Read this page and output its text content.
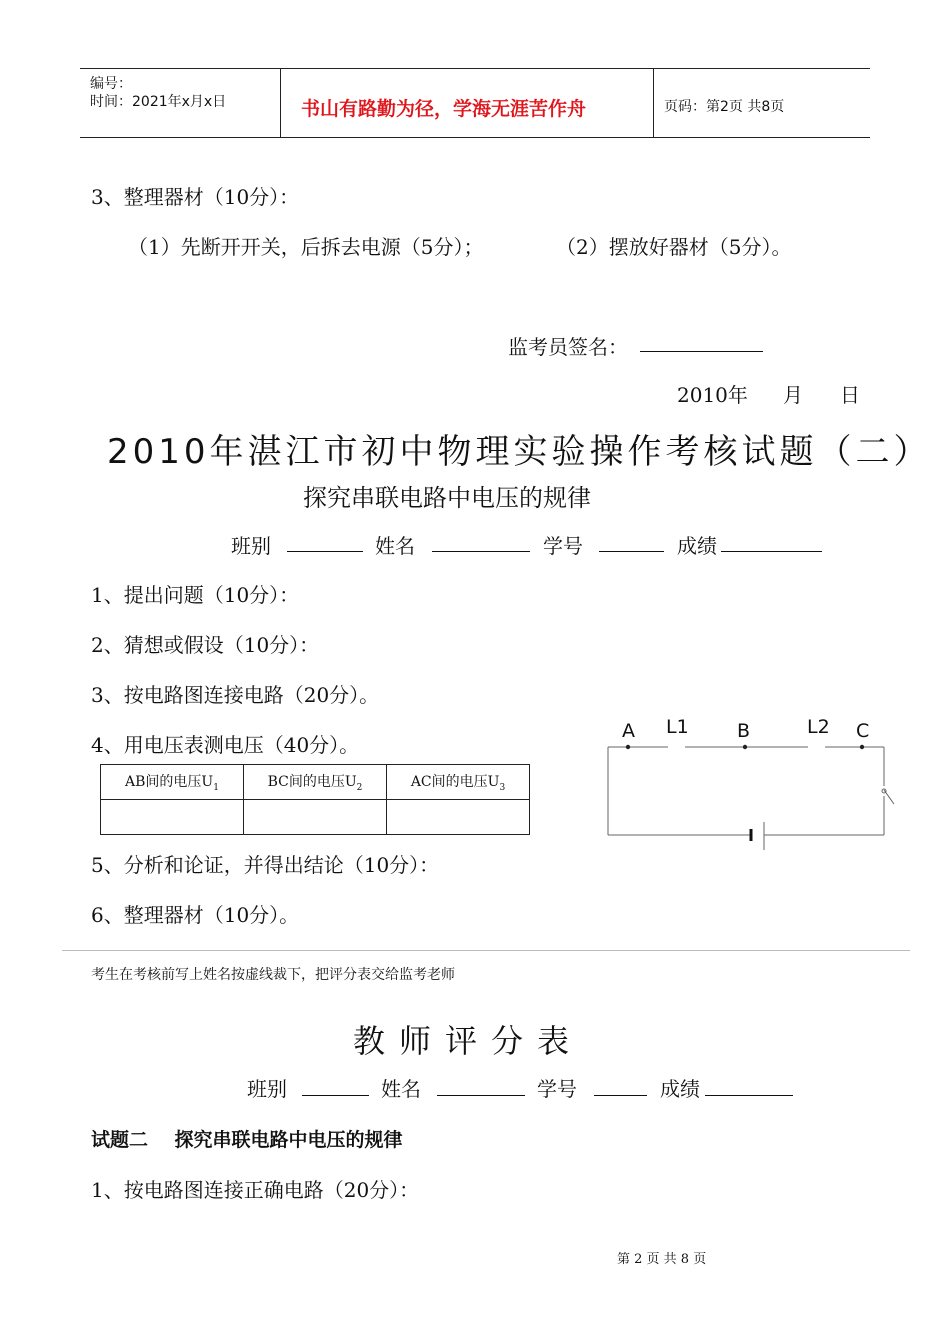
编号：
时间：2021年x月x日	书山有路勤为径，学海无涯苦作舟	页码：第2页 共8页
3、整理器材（10分）：
（1）先断开开关，后拆去电源（5分）；	（2）摆放好器材（5分）。
监考员签名：
2010年 月 日
2010年湛江市初中物理实验操作考核试题（二）
探究串联电路中电压的规律
班别	姓名	学号	成绩
1、提出问题（10分）：
2、猜想或假设（10分）：
3、按电路图连接电路（20分）。
4、用电压表测电压（40分）。
AB间的电压$U_1$	BC间的电压$U_2$	AC间的电压$U_3$

A L1	B	L2 C
5、分析和论证，并得出结论（10分）：
6、整理器材（10分）。
考生在考核前写上姓名按虚线裁下，把评分表交给监考老师
教师评分表
班别	姓名	学号	成绩
试题二    探究串联电路中电压的规律
1、按电路图连接正确电路（20分）：
第 2 页 共 8 页
